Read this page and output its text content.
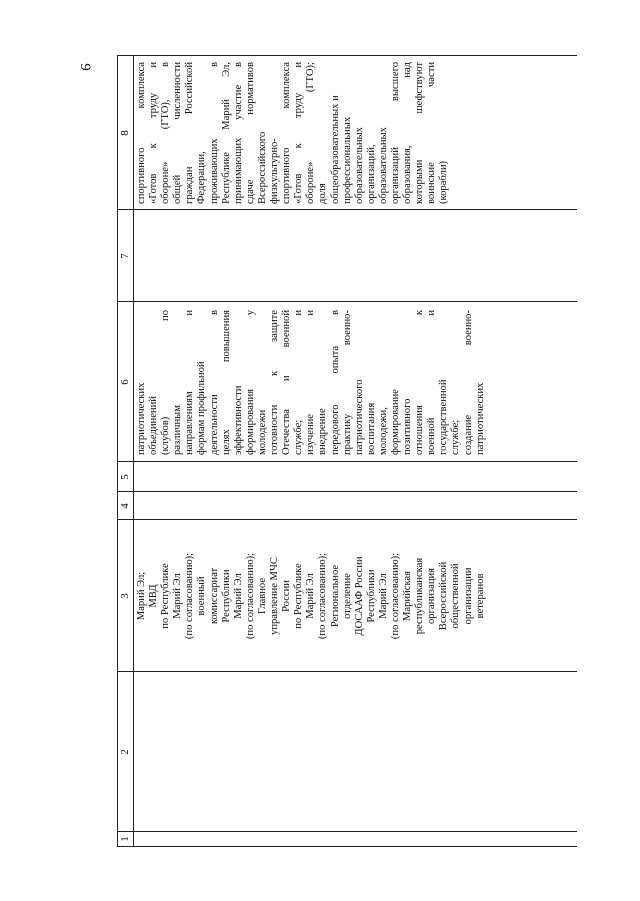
9
1
2
3
4
5
6
7
8
Марий Эл; МВД по Республике Марий Эл (по согласованию); военный комиссариат Республики Марий Эл (по согласованию); Главное управление МЧС России по Республике Марий Эл (по согласованию); Региональное отделение ДОСААФ России Республики Марий Эл (по согласованию); Марийская республиканская организация Всероссийской общественной организации ветеранов
патриотических объединений (клубов) по различным направлениям и формам профильной деятельности в целях повышения эффективности формирования у молодежи готовности к защите Отечества и военной службе; и изучение и внедрение передового опыта в практику военно- патриотического воспитания молодежи, формирование позитивного отношения к военной и государственной службе; создание военно- патриотических
спортивного комплекса «Готов к труду и обороне» (ГТО), в общей численности граждан Российской Федерации, проживающих в Республике Марий Эл, принимающих участие в сдаче нормативов Всероссийского физкультурно- спортивного комплекса «Готов к труду и обороне» (ГТО); доля общеобразовательных и профессиональных образовательных организаций, образовательных организаций высшего образования, над которыми шефствуют воинские части (корабли)
